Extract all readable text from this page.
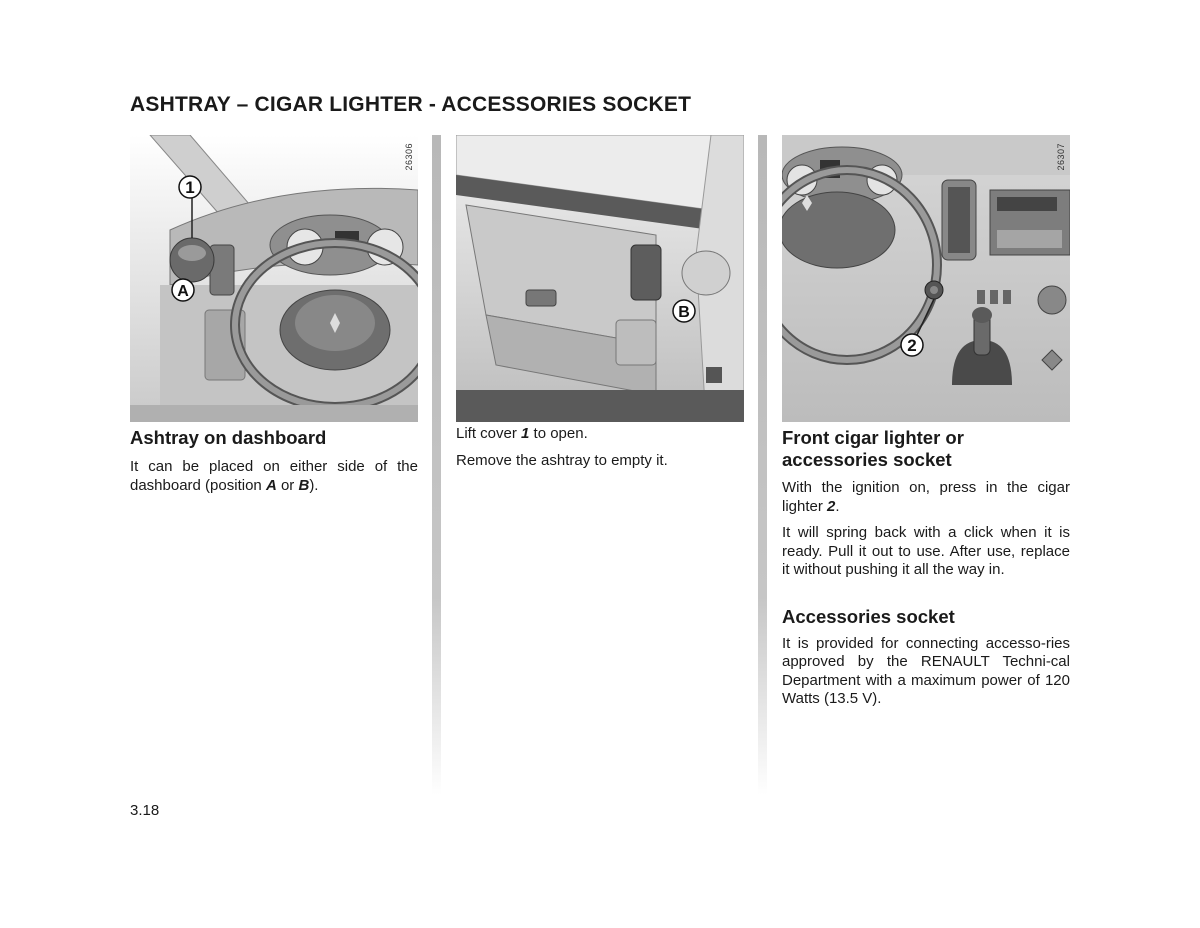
ASHTRAY – CIGAR LIGHTER - ACCESSORIES SOCKET
1
A
26306
Ashtray on dashboard

It can be placed on either side of the dashboard (position A or B).

B

Lift cover 1 to open.

Remove the ashtray to empty it.

2
26307
Front cigar lighter or accessories socket

With the ignition on, press in the cigar lighter 2.

It will spring back with a click when it is ready. Pull it out to use. After use, replace it without pushing it all the way in.

Accessories socket

It is provided for connecting accesso-ries approved by the RENAULT Techni-cal Department with a maximum power of 120 Watts (13.5 V).

3.18
